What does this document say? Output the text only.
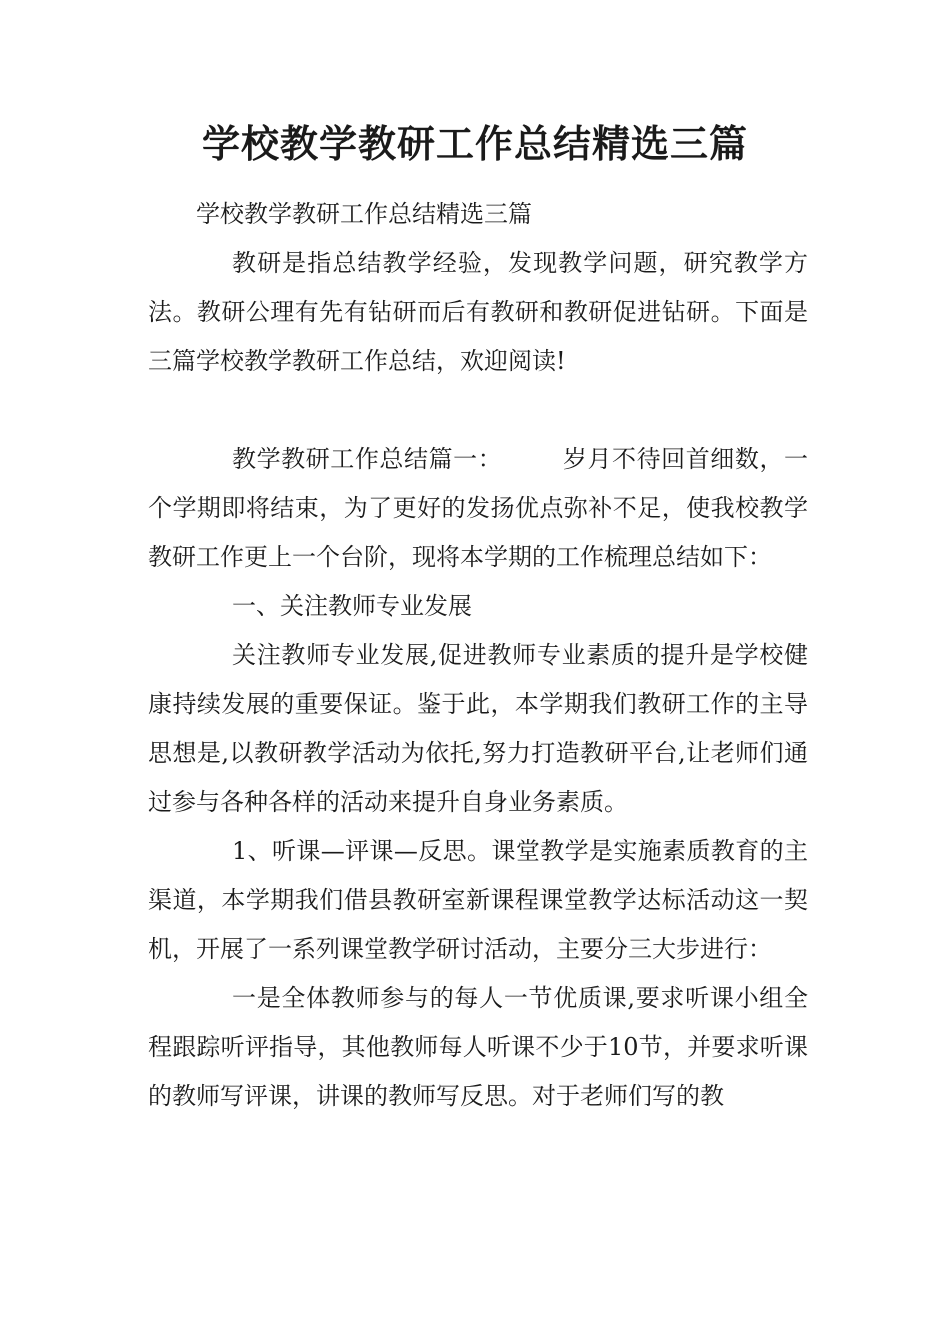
学校教学教研工作总结精选三篇

学校教学教研工作总结精选三篇

教研是指总结教学经验，发现教学问题，研究教学方法。教研公理有先有钻研而后有教研和教研促进钻研。下面是三篇学校教学教研工作总结，欢迎阅读!

教学教研工作总结篇一：	岁月不待回首细数，一个学期即将结束，为了更好的发扬优点弥补不足，使我校教学教研工作更上一个台阶，现将本学期的工作梳理总结如下：

一、关注教师专业发展

关注教师专业发展,促进教师专业素质的提升是学校健康持续发展的重要保证。鉴于此，本学期我们教研工作的主导思想是,以教研教学活动为依托,努力打造教研平台,让老师们通过参与各种各样的活动来提升自身业务素质。

1、听课—评课—反思。课堂教学是实施素质教育的主渠道，本学期我们借县教研室新课程课堂教学达标活动这一契机，开展了一系列课堂教学研讨活动，主要分三大步进行：

一是全体教师参与的每人一节优质课,要求听课小组全程跟踪听评指导，其他教师每人听课不少于10节，并要求听课的教师写评课，讲课的教师写反思。对于老师们写的教
